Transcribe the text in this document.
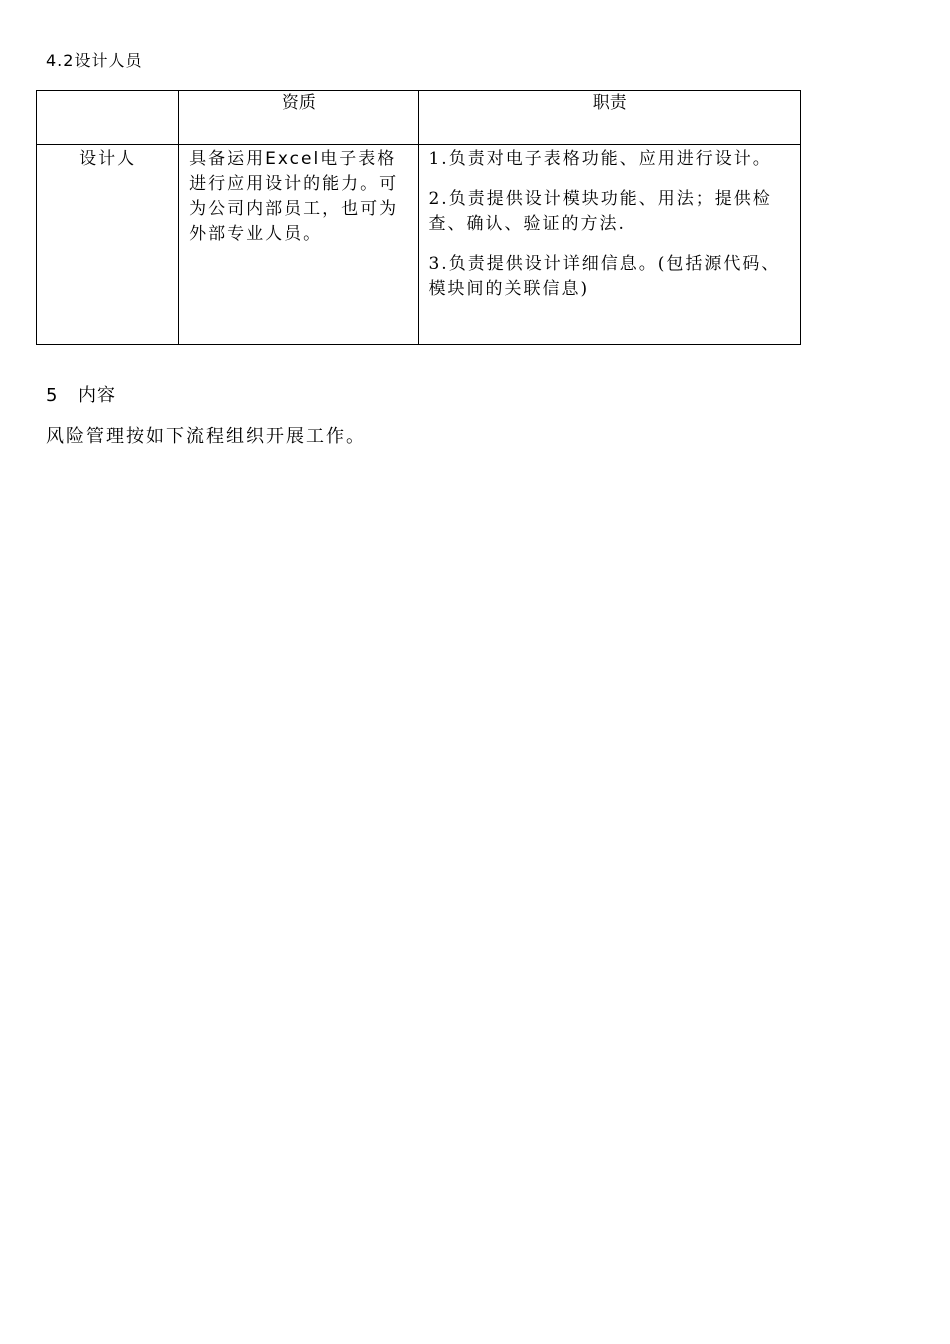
4.2设计人员
	资质	职责
设计人	具备运用Excel电子表格进行应用设计的能力。可为公司内部员工，也可为外部专业人员。	1.负责对电子表格功能、应用进行设计。
2.负责提供设计模块功能、用法；提供检查、确认、验证的方法.
3.负责提供设计详细信息。(包括源代码、模块间的关联信息)
5 内容
风险管理按如下流程组织开展工作。
